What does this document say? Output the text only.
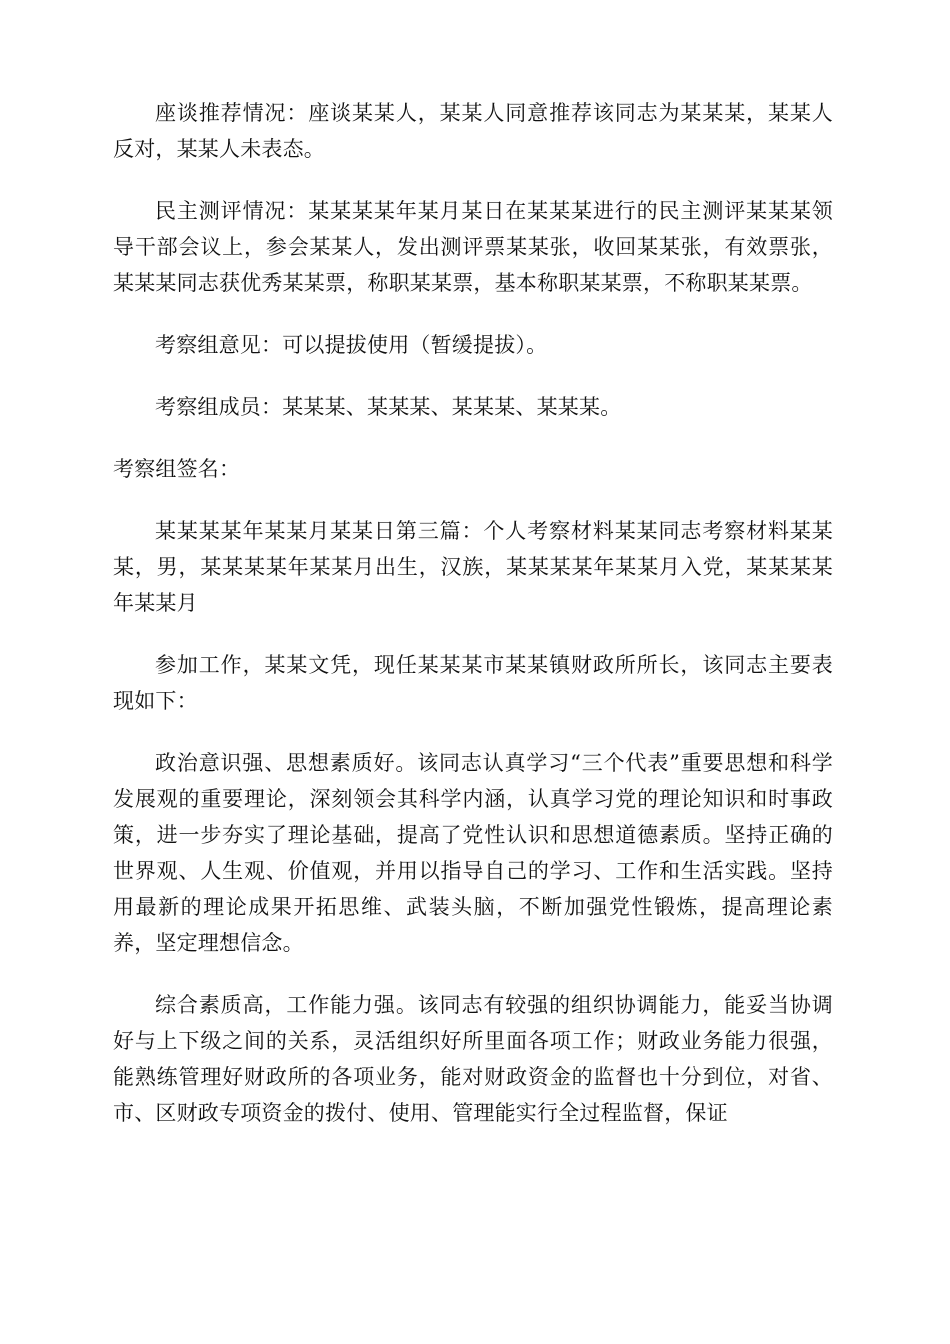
座谈推荐情况：座谈某某人，某某人同意推荐该同志为某某某，某某人反对，某某人未表态。

民主测评情况：某某某某年某月某日在某某某进行的民主测评某某某领导干部会议上，参会某某人，发出测评票某某张，收回某某张，有效票张，某某某同志获优秀某某票，称职某某票，基本称职某某票，不称职某某票。

考察组意见：可以提拔使用（暂缓提拔）。

考察组成员：某某某、某某某、某某某、某某某。

考察组签名：

某某某某年某某月某某日第三篇：个人考察材料某某同志考察材料某某某，男，某某某某年某某月出生，汉族，某某某某年某某月入党，某某某某年某某月

参加工作，某某文凭，现任某某某市某某镇财政所所长，该同志主要表现如下：

政治意识强、思想素质好。该同志认真学习“三个代表”重要思想和科学发展观的重要理论，深刻领会其科学内涵，认真学习党的理论知识和时事政策，进一步夯实了理论基础，提高了党性认识和思想道德素质。坚持正确的世界观、人生观、价值观，并用以指导自己的学习、工作和生活实践。坚持用最新的理论成果开拓思维、武装头脑，不断加强党性锻炼，提高理论素养，坚定理想信念。

综合素质高，工作能力强。该同志有较强的组织协调能力，能妥当协调好与上下级之间的关系，灵活组织好所里面各项工作；财政业务能力很强，能熟练管理好财政所的各项业务，能对财政资金的监督也十分到位，对省、市、区财政专项资金的拨付、使用、管理能实行全过程监督，保证
